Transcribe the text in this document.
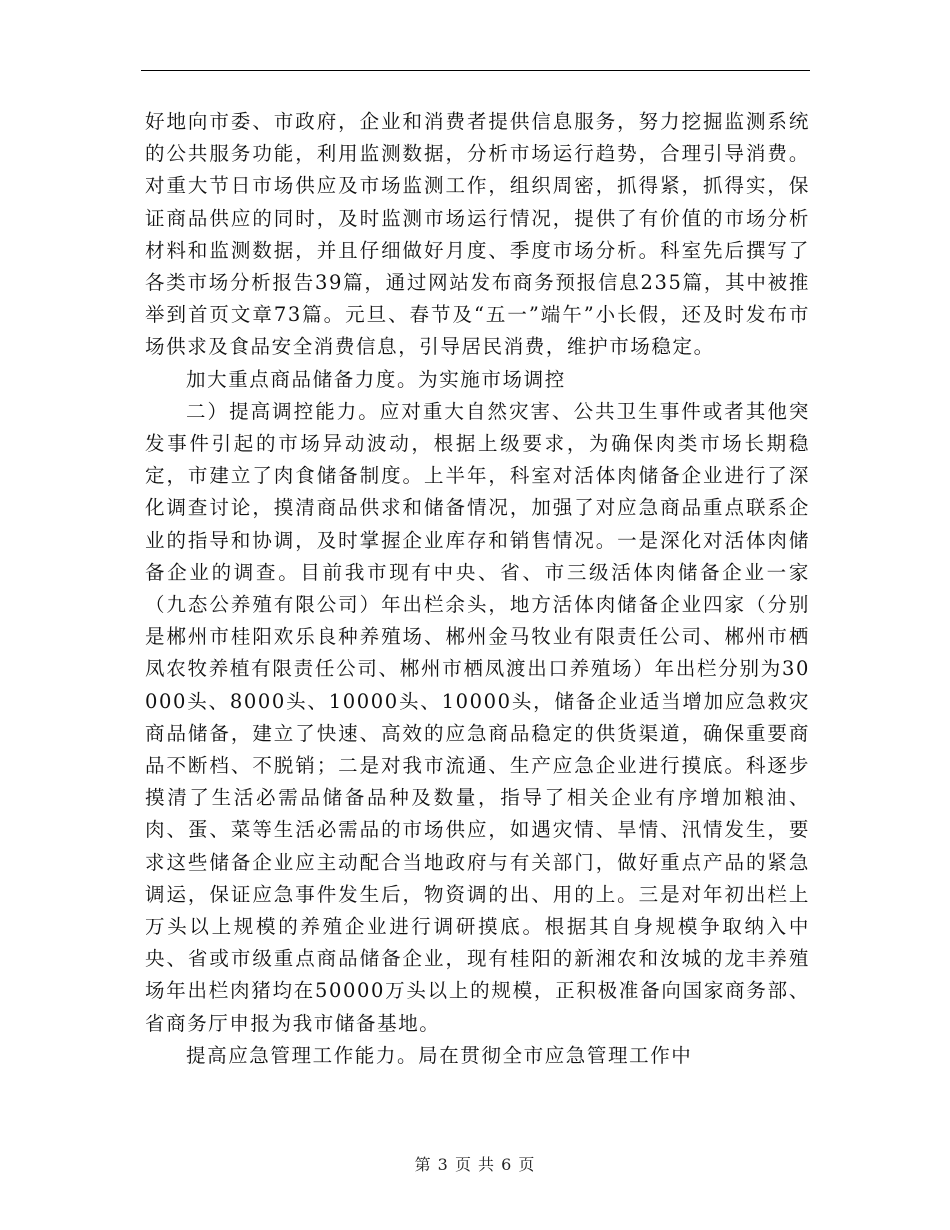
好地向市委、市政府，企业和消费者提供信息服务，努力挖掘监测系统的公共服务功能，利用监测数据，分析市场运行趋势，合理引导消费。对重大节日市场供应及市场监测工作，组织周密，抓得紧，抓得实，保证商品供应的同时，及时监测市场运行情况，提供了有价值的市场分析材料和监测数据，并且仔细做好月度、季度市场分析。科室先后撰写了各类市场分析报告39篇，通过网站发布商务预报信息235篇，其中被推举到首页文章73篇。元旦、春节及“五一”端午”小长假，还及时发布市场供求及食品安全消费信息，引导居民消费，维护市场稳定。

加大重点商品储备力度。为实施市场调控

二）提高调控能力。应对重大自然灾害、公共卫生事件或者其他突发事件引起的市场异动波动，根据上级要求，为确保肉类市场长期稳定，市建立了肉食储备制度。上半年，科室对活体肉储备企业进行了深化调查讨论，摸清商品供求和储备情况，加强了对应急商品重点联系企业的指导和协调，及时掌握企业库存和销售情况。一是深化对活体肉储备企业的调查。目前我市现有中央、省、市三级活体肉储备企业一家（九态公养殖有限公司）年出栏余头，地方活体肉储备企业四家（分别是郴州市桂阳欢乐良种养殖场、郴州金马牧业有限责任公司、郴州市栖凤农牧养植有限责任公司、郴州市栖凤渡出口养殖场）年出栏分别为30000头、8000头、10000头、10000头，储备企业适当增加应急救灾商品储备，建立了快速、高效的应急商品稳定的供货渠道，确保重要商品不断档、不脱销；二是对我市流通、生产应急企业进行摸底。科逐步摸清了生活必需品储备品种及数量，指导了相关企业有序增加粮油、肉、蛋、菜等生活必需品的市场供应，如遇灾情、旱情、汛情发生，要求这些储备企业应主动配合当地政府与有关部门，做好重点产品的紧急调运，保证应急事件发生后，物资调的出、用的上。三是对年初出栏上万头以上规模的养殖企业进行调研摸底。根据其自身规模争取纳入中央、省或市级重点商品储备企业，现有桂阳的新湘农和汝城的龙丰养殖场年出栏肉猪均在50000万头以上的规模，正积极准备向国家商务部、省商务厅申报为我市储备基地。

提高应急管理工作能力。局在贯彻全市应急管理工作中

第 3 页 共 6 页
